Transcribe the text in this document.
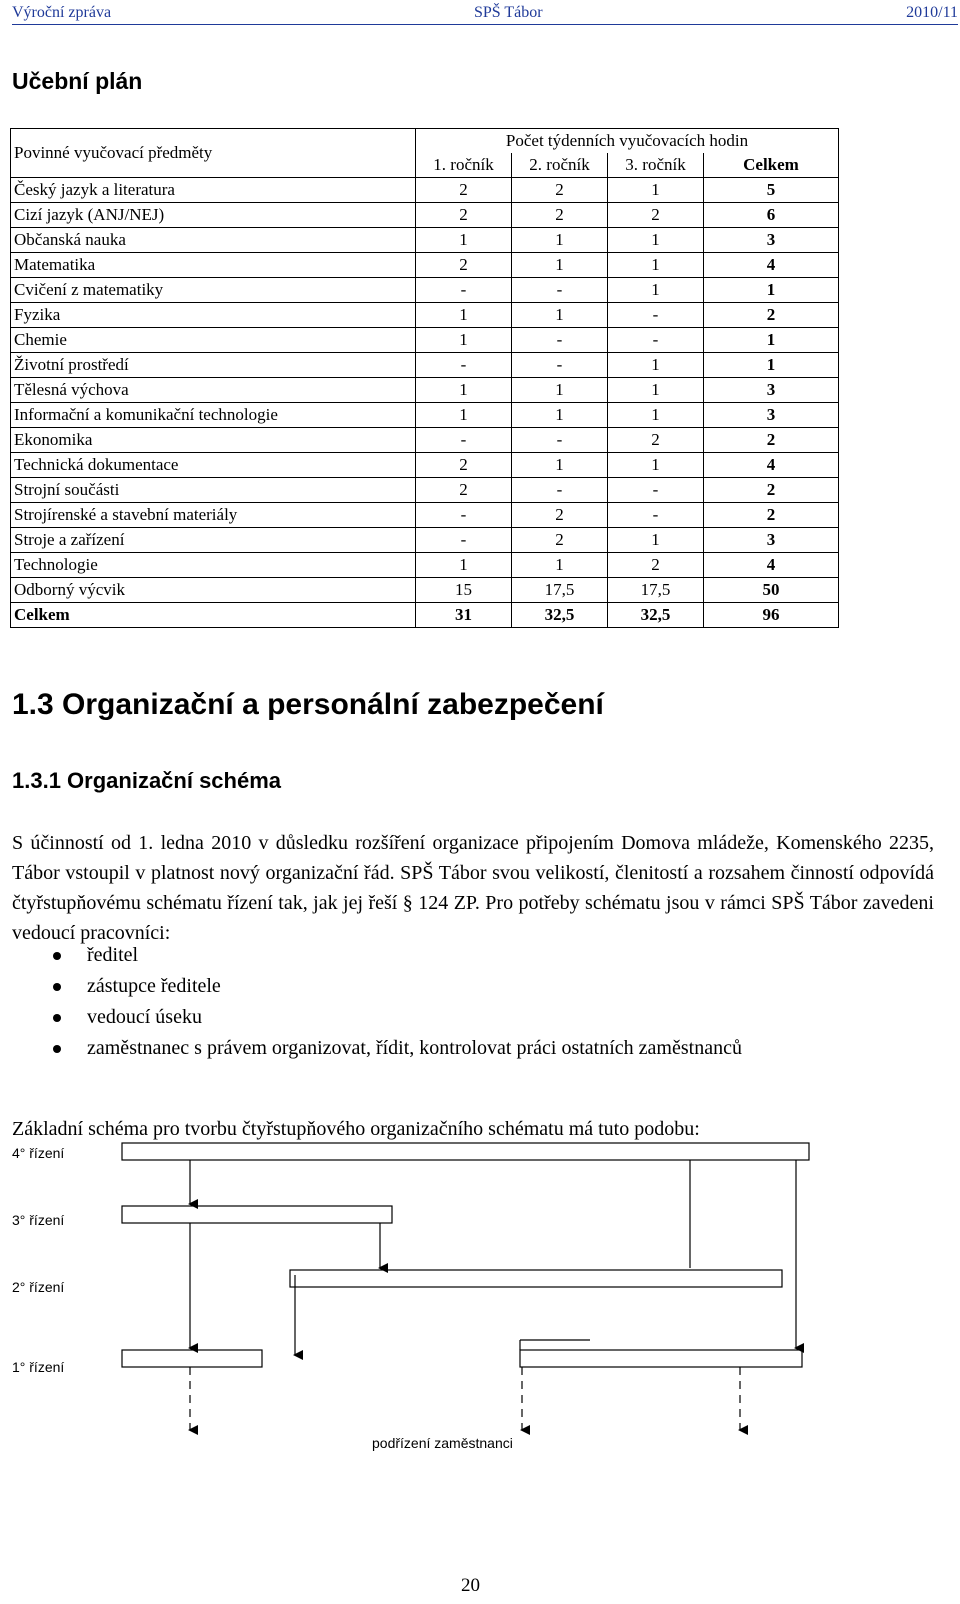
Výroční zpráva	SPŠ Tábor	2010/11
Učební plán
Povinné vyučovací předměty	Počet týdenních vyučovacích hodin			
	1. ročník	2. ročník	3. ročník	Celkem
Český jazyk a literatura	2	2	1	5
Cizí jazyk (ANJ/NEJ)	2	2	2	6
Občanská nauka	1	1	1	3
Matematika	2	1	1	4
Cvičení z matematiky	-	-	1	1
Fyzika	1	1	-	2
Chemie	1	-	-	1
Životní prostředí	-	-	1	1
Tělesná výchova	1	1	1	3
Informační a komunikační technologie	1	1	1	3
Ekonomika	-	-	2	2
Technická dokumentace	2	1	1	4
Strojní součásti	2	-	-	2
Strojírenské a stavební materiály	-	2	-	2
Stroje a zařízení	-	2	1	3
Technologie	1	1	2	4
Odborný výcvik	15	17,5	17,5	50
Celkem	31	32,5	32,5	96
1.3 Organizační a personální zabezpečení
1.3.1 Organizační schéma
S účinností od 1. ledna 2010 v důsledku rozšíření organizace připojením Domova mládeže, Komenského 2235, Tábor vstoupil v platnost nový organizační řád. SPŠ Tábor svou velikostí, členitostí a rozsahem činností odpovídá čtyřstupňovému schématu řízení tak, jak jej řeší § 124 ZP. Pro potřeby schématu jsou v rámci SPŠ Tábor zavedeni vedoucí pracovníci:
ředitel
zástupce ředitele
vedoucí úseku
zaměstnanec s právem organizovat, řídit, kontrolovat práci ostatních zaměstnanců
Základní schéma pro tvorbu čtyřstupňového organizačního schématu má tuto podobu:
4° řízení
3° řízení
2° řízení
1° řízení
podřízení zaměstnanci
20
